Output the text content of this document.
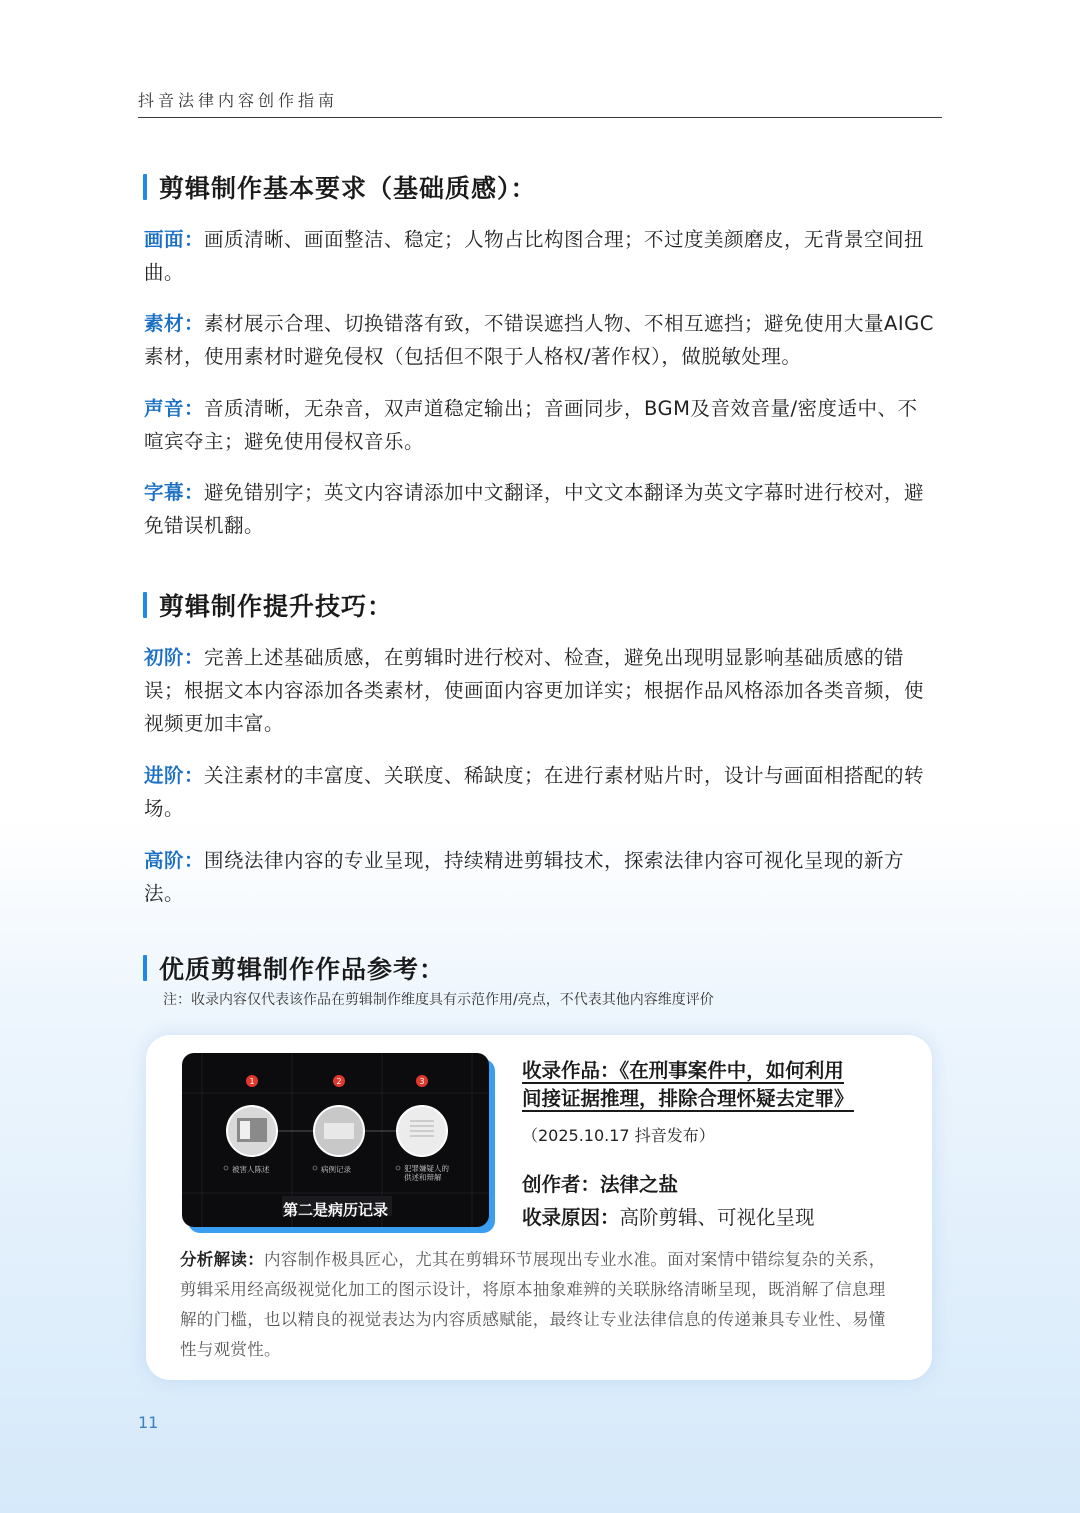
抖音法律内容创作指南
剪辑制作基本要求（基础质感）：
画面：画质清晰、画面整洁、稳定；人物占比构图合理；不过度美颜磨皮，无背景空间扭曲。
素材：素材展示合理、切换错落有致，不错误遮挡人物、不相互遮挡；避免使用大量AIGC素材，使用素材时避免侵权（包括但不限于人格权/著作权），做脱敏处理。
声音：音质清晰，无杂音，双声道稳定输出；音画同步，BGM及音效音量/密度适中、不喧宾夺主；避免使用侵权音乐。
字幕：避免错别字；英文内容请添加中文翻译，中文文本翻译为英文字幕时进行校对，避免错误机翻。
剪辑制作提升技巧：
初阶：完善上述基础质感，在剪辑时进行校对、检查，避免出现明显影响基础质感的错误；根据文本内容添加各类素材，使画面内容更加详实；根据作品风格添加各类音频，使视频更加丰富。
进阶：关注素材的丰富度、关联度、稀缺度；在进行素材贴片时，设计与画面相搭配的转场。
高阶：围绕法律内容的专业呈现，持续精进剪辑技术，探索法律内容可视化呈现的新方法。
优质剪辑制作作品参考：
注：收录内容仅代表该作品在剪辑制作维度具有示范作用/亮点，不代表其他内容维度评价
1	2	3
被害人陈述	病例记录	犯罪嫌疑人的供述和辩解
第二是病历记录
收录作品：《在刑事案件中，如何利用
间接证据推理，排除合理怀疑去定罪》
（2025.10.17 抖音发布）
创作者：法律之盐
收录原因：高阶剪辑、可视化呈现
分析解读：内容制作极具匠心，尤其在剪辑环节展现出专业水准。面对案情中错综复杂的关系，剪辑采用经高级视觉化加工的图示设计，将原本抽象难辨的关联脉络清晰呈现，既消解了信息理解的门槛，也以精良的视觉表达为内容质感赋能，最终让专业法律信息的传递兼具专业性、易懂性与观赏性。
11
